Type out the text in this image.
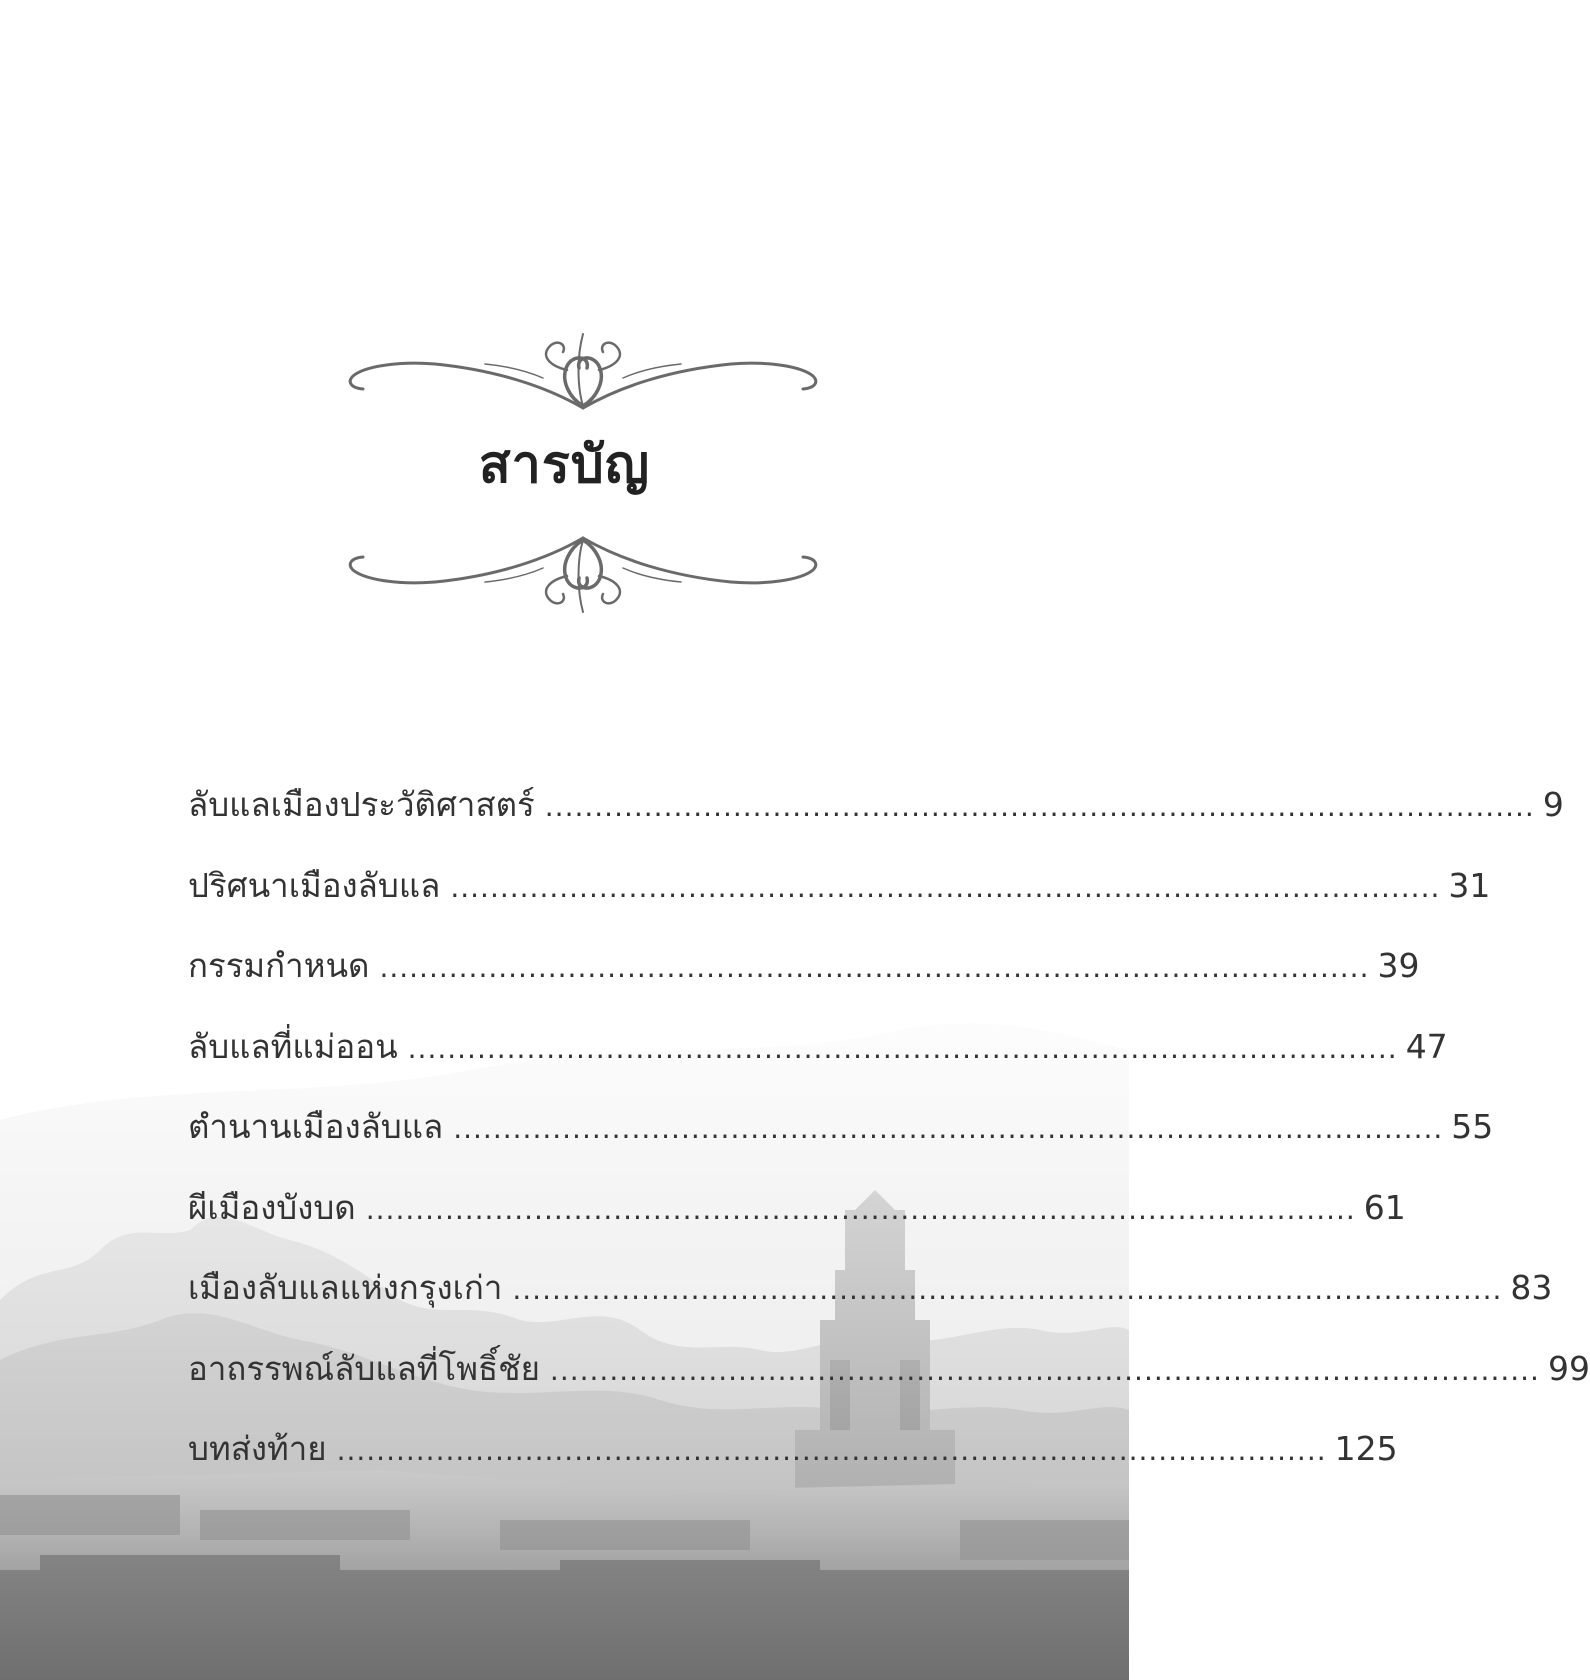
สารบัญ
ลับแลเมืองประวัติศาสตร์ .................................................................................................... 9
ปริศนาเมืองลับแล .................................................................................................... 31
กรรมกำหนด .................................................................................................... 39
ลับแลที่แม่ออน .................................................................................................... 47
ตำนานเมืองลับแล .................................................................................................... 55
ผีเมืองบังบด .................................................................................................... 61
เมืองลับแลแห่งกรุงเก่า .................................................................................................... 83
อาถรรพณ์ลับแลที่โพธิ์ชัย .................................................................................................... 99
บทส่งท้าย .................................................................................................... 125
